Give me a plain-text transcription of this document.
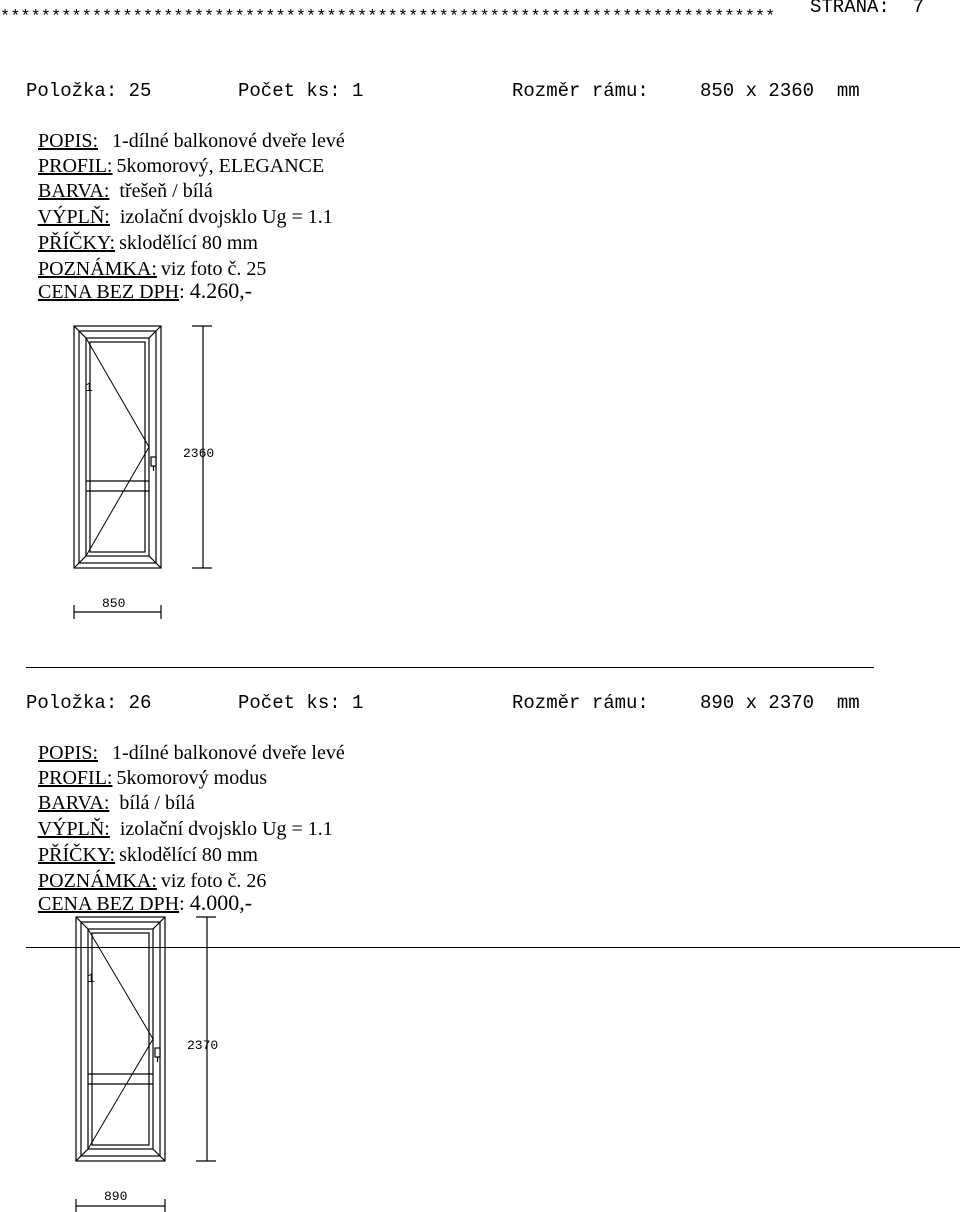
STRANA:  7
****************************************************************************
Položka: 25	Počet ks: 1	Rozměr rámu:	850 x 2360  mm

POPIS: 1-dílné balkonové dveře levé

PROFIL: 5komorový, ELEGANCE

BARVA: třešeň / bílá

VÝPLŇ: izolační dvojsklo Ug = 1.1

PŘÍČKY: sklodělící 80 mm

POZNÁMKA: viz foto č. 25

CENA BEZ DPH: 4.260,-

1
2360
850
Položka: 26	Počet ks: 1	Rozměr rámu:	890 x 2370  mm

POPIS: 1-dílné balkonové dveře levé

PROFIL: 5komorový modus

BARVA: bílá / bílá

VÝPLŇ: izolační dvojsklo Ug = 1.1

PŘÍČKY: sklodělící 80 mm

POZNÁMKA: viz foto č. 26

CENA BEZ DPH: 4.000,-

1
2370
890
